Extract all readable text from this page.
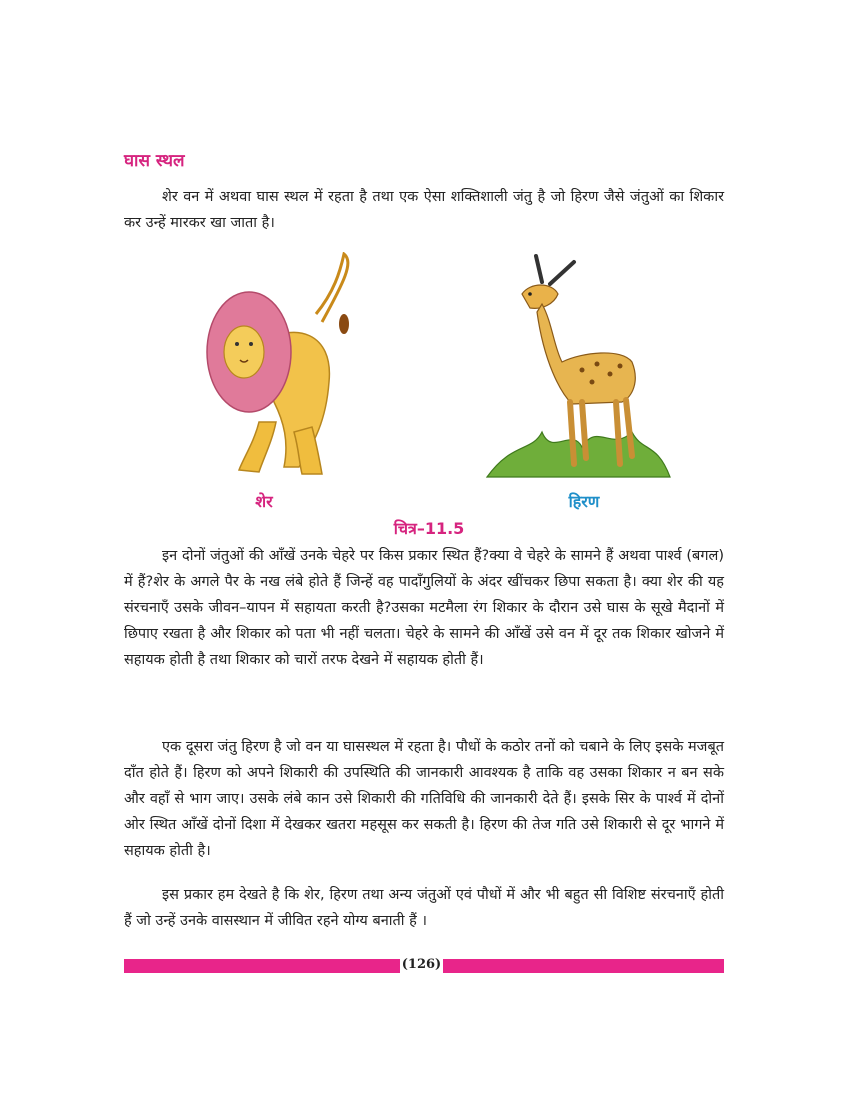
घास स्थल

शेर वन में अथवा घास स्थल में रहता है तथा एक ऐसा शक्तिशाली जंतु है जो हिरण जैसे जंतुओं का शिकार कर उन्हें मारकर खा जाता है।

शेर	हिरण
चित्र–11.5

इन दोनों जंतुओं की आँखें उनके चेहरे पर किस प्रकार स्थित हैं?क्या वे चेहरे के सामने हैं अथवा पार्श्व (बगल) में हैं?शेर के अगले पैर के नख लंबे होते हैं जिन्हें वह पादाँगुलियों के अंदर खींचकर छिपा सकता है। क्या शेर की यह संरचनाएँ उसके जीवन–यापन में सहायता करती है?उसका मटमैला रंग शिकार के दौरान उसे घास के सूखे मैदानों में छिपाए रखता है और शिकार को पता भी नहीं चलता। चेहरे के सामने की आँखें उसे वन में दूर तक शिकार खोजने में सहायक होती है तथा शिकार को चारों तरफ देखने में सहायक होती हैं।

एक दूसरा जंतु हिरण है जो वन या घासस्थल में रहता है। पौधों के कठोर तनों को चबाने के लिए इसके मजबूत दाँत होते हैं। हिरण को अपने शिकारी की उपस्थिति की जानकारी आवश्यक है ताकि वह उसका शिकार न बन सके और वहाँ से भाग जाए। उसके लंबे कान उसे शिकारी की गतिविधि की जानकारी देते हैं। इसके सिर के पार्श्व में दोनों ओर स्थित आँखें दोनों दिशा में देखकर खतरा महसूस कर सकती है। हिरण की तेज गति उसे शिकारी से दूर भागने में सहायक होती है।

इस प्रकार हम देखते है कि शेर, हिरण तथा अन्य जंतुओं एवं पौधों में और भी बहुत सी विशिष्ट संरचनाएँ होती हैं जो उन्हें उनके वासस्थान में जीवित रहने योग्य बनाती हैं ।

(126)
